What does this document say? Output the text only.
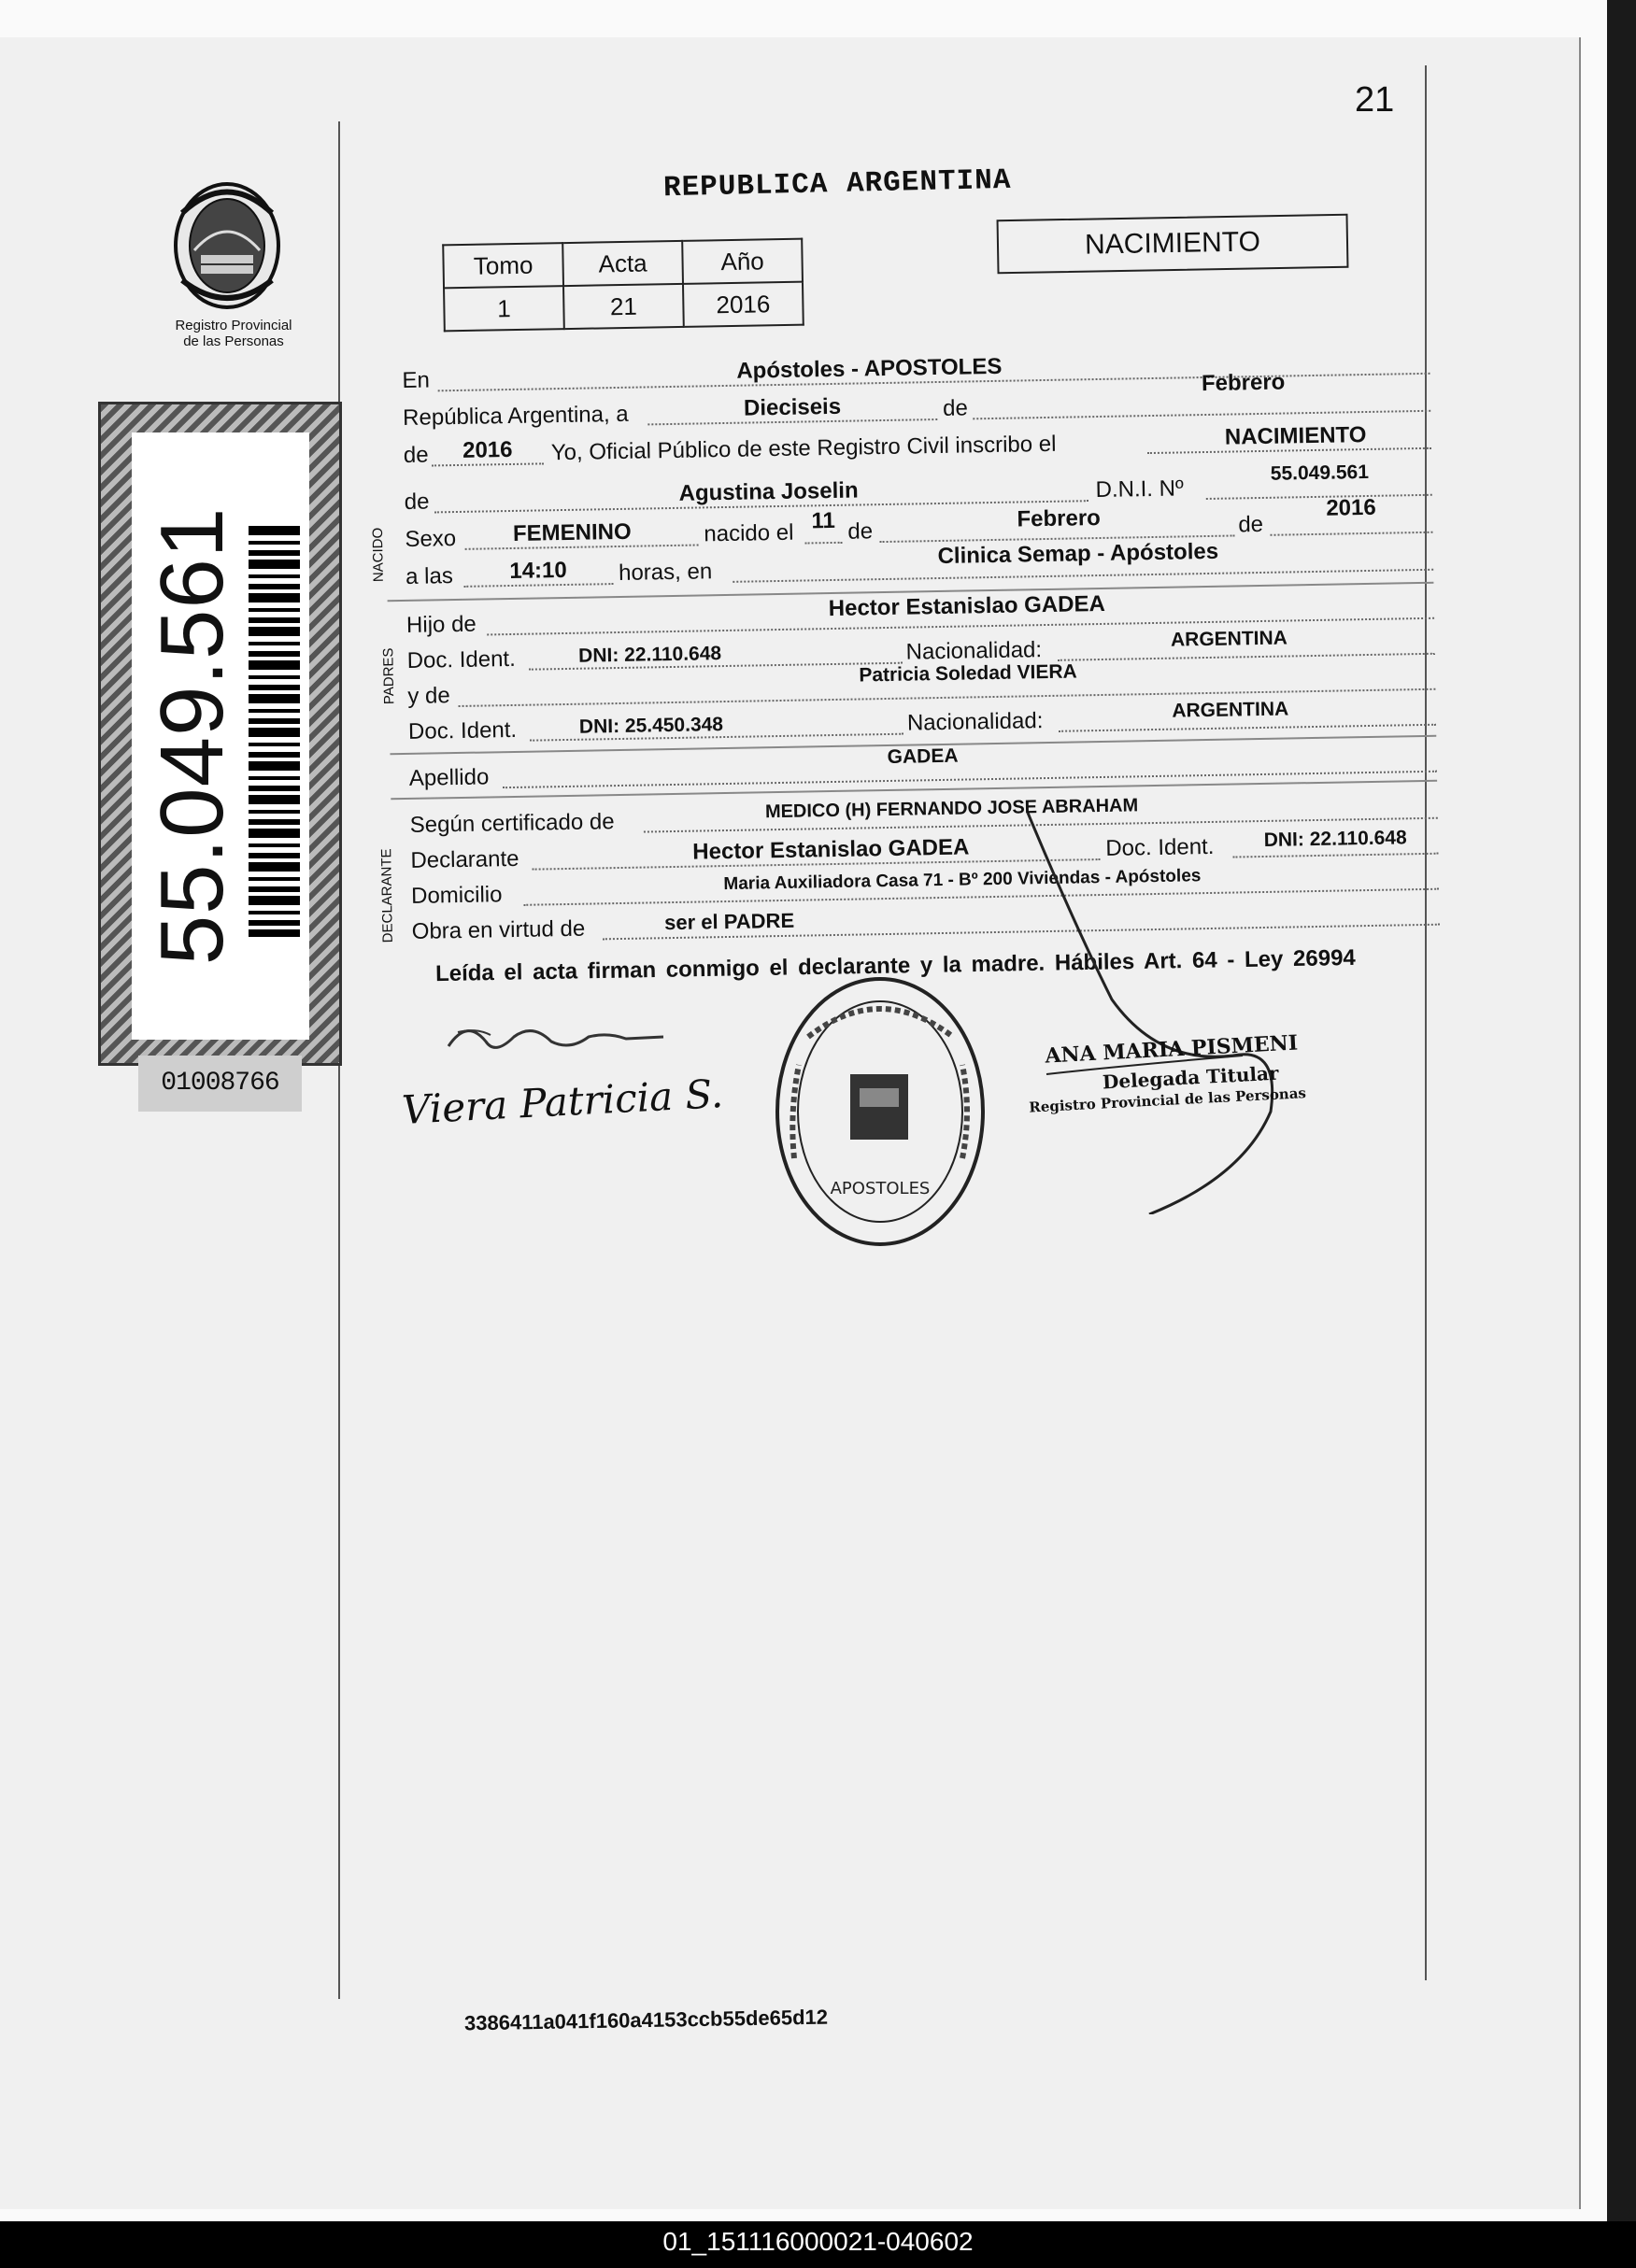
21
REPUBLICA ARGENTINA
Registro Provincial
de las Personas
55.049.561
01008766
Tomo	Acta	Año
1	21	2016
NACIMIENTO
En	Apóstoles - APOSTOLES
República Argentina, a	Dieciseis	de
Febrero
de	2016	Yo, Oficial Público de este Registro Civil inscribo el	NACIMIENTO
NACIDO
de	Agustina Joselin	D.N.I. Nº
55.049.561
Sexo	FEMENINO	nacido el 11 de	Febrero	de
2016
a las	14:10	horas, en
Clinica Semap - Apóstoles
PADRES
Hijo de
Hector Estanislao GADEA
Doc. Ident.	DNI: 22.110.648	Nacionalidad:	ARGENTINA
y de
Patricia Soledad VIERA
Doc. Ident.	DNI: 25.450.348	Nacionalidad:	ARGENTINA
Apellido
GADEA
DECLARANTE
Según certificado de
MEDICO (H) FERNANDO JOSE ABRAHAM
Declarante	Hector Estanislao GADEA	Doc. Ident.	DNI: 22.110.648
Domicilio
Maria Auxiliadora Casa 71 - Bº 200 Viviendas - Apóstoles
Obra en virtud de	ser el PADRE
Leída el acta firman conmigo el declarante y la madre. Hábiles Art. 64 - Ley 26994
Viera Patricia S.
APOSTOLES
ANA MARIA PISMENI
Delegada Titular
Registro Provincial de las Personas
3386411a041f160a4153ccb55de65d12
01_151116000021-040602
